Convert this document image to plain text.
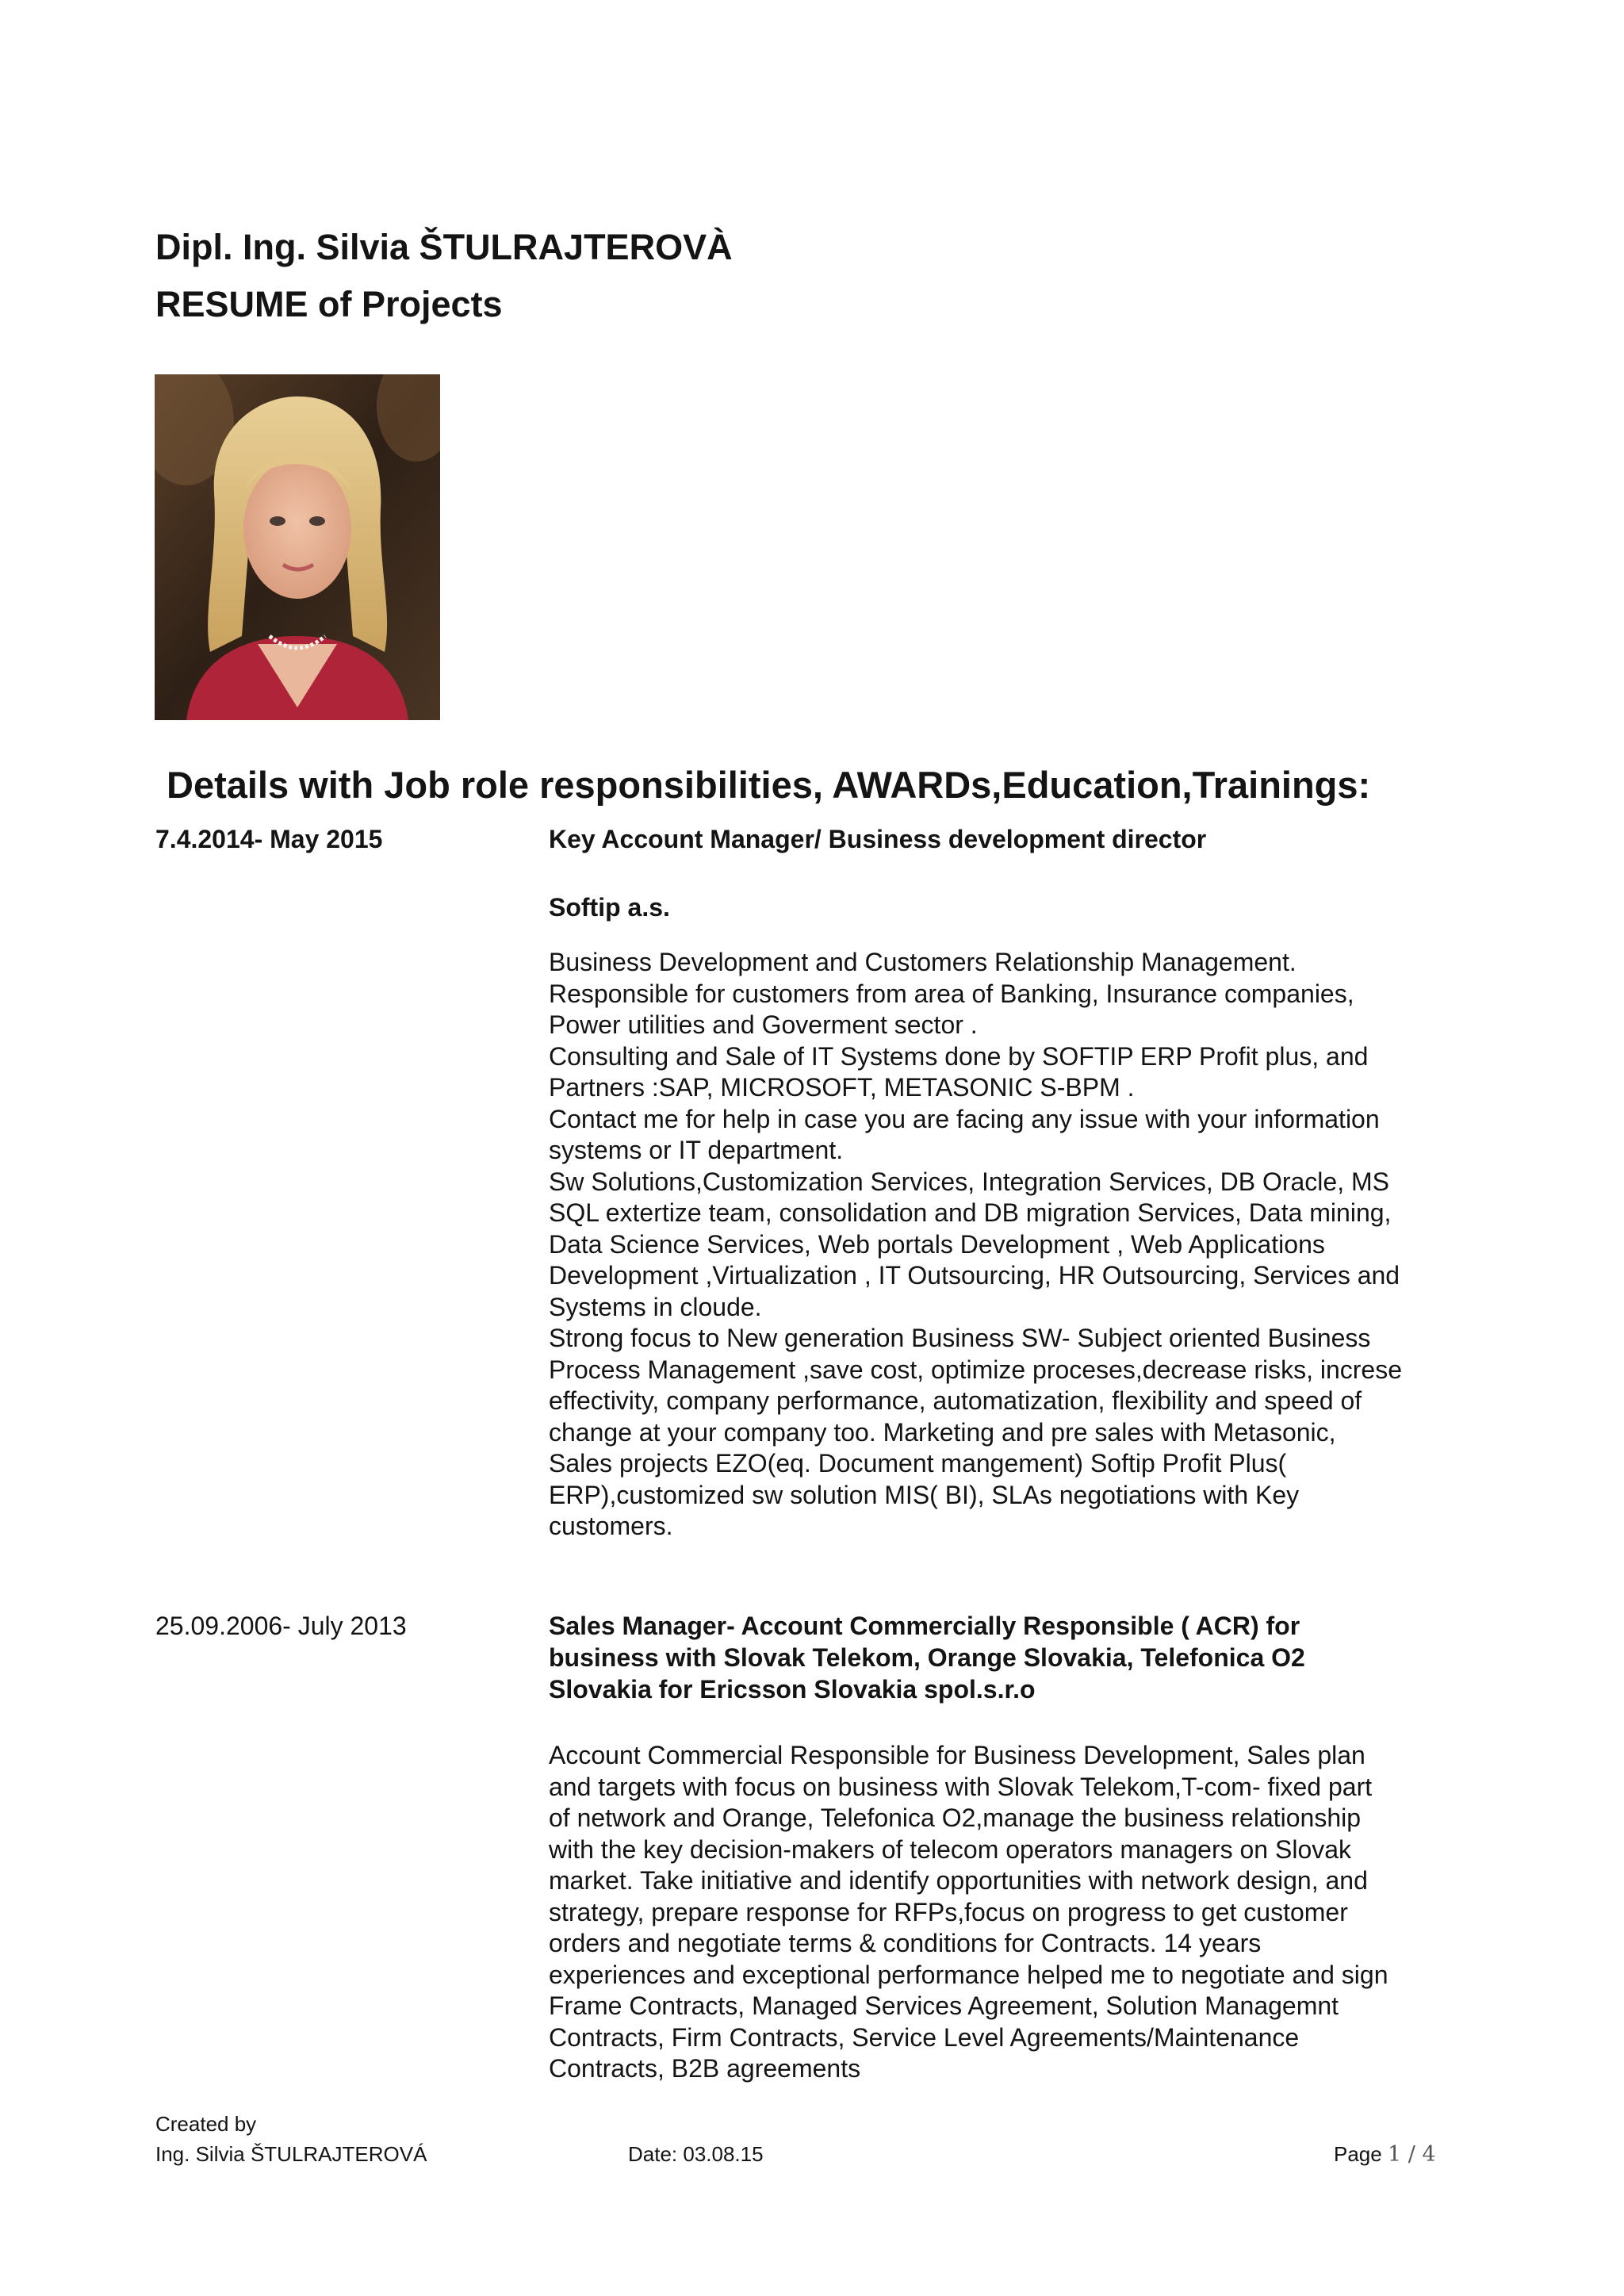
Dipl. Ing. Silvia ŠTULRAJTEROVÀ
RESUME of Projects
Details with Job role responsibilities, AWARDs,Education,Trainings:
7.4.2014- May 2015	Key Account Manager/ Business development director

Softip a.s.

Business Development and Customers Relationship Management.
Responsible for customers from area of Banking, Insurance companies,
Power utilities and Goverment sector .
Consulting and Sale of IT Systems done by SOFTIP ERP Profit plus, and
Partners :SAP, MICROSOFT, METASONIC S-BPM .
Contact me for help in case you are facing any issue with your information
systems or IT department.
Sw Solutions,Customization Services, Integration Services, DB Oracle, MS
SQL extertize team, consolidation and DB migration Services, Data mining,
Data Science Services, Web portals Development , Web Applications
Development ,Virtualization , IT Outsourcing, HR Outsourcing, Services and
Systems in cloude.
Strong focus to New generation Business SW- Subject oriented Business
Process Management ,save cost, optimize proceses,decrease risks, increse
effectivity, company performance, automatization, flexibility and speed of
change at your company too. Marketing and pre sales with Metasonic,
Sales projects EZO(eq. Document mangement) Softip Profit Plus(
ERP),customized sw solution MIS( BI), SLAs negotiations with Key
customers.

25.09.2006- July 2013	Sales Manager- Account Commercially Responsible ( ACR) for
business with Slovak Telekom, Orange Slovakia, Telefonica O2
Slovakia for Ericsson Slovakia spol.s.r.o

Account Commercial Responsible for Business Development, Sales plan
and targets with focus on business with Slovak Telekom,T-com- fixed part
of network and Orange, Telefonica O2,manage the business relationship
with the key decision-makers of telecom operators managers on Slovak
market. Take initiative and identify opportunities with network design, and
strategy, prepare response for RFPs,focus on progress to get customer
orders and negotiate terms & conditions for Contracts. 14 years
experiences and exceptional performance helped me to negotiate and sign
Frame Contracts, Managed Services Agreement, Solution Managemnt
Contracts, Firm Contracts, Service Level Agreements/Maintenance
Contracts, B2B agreements

Created by
Ing. Silvia ŠTULRAJTEROVÁ	Date: 03.08.15	Page 1 / 4
